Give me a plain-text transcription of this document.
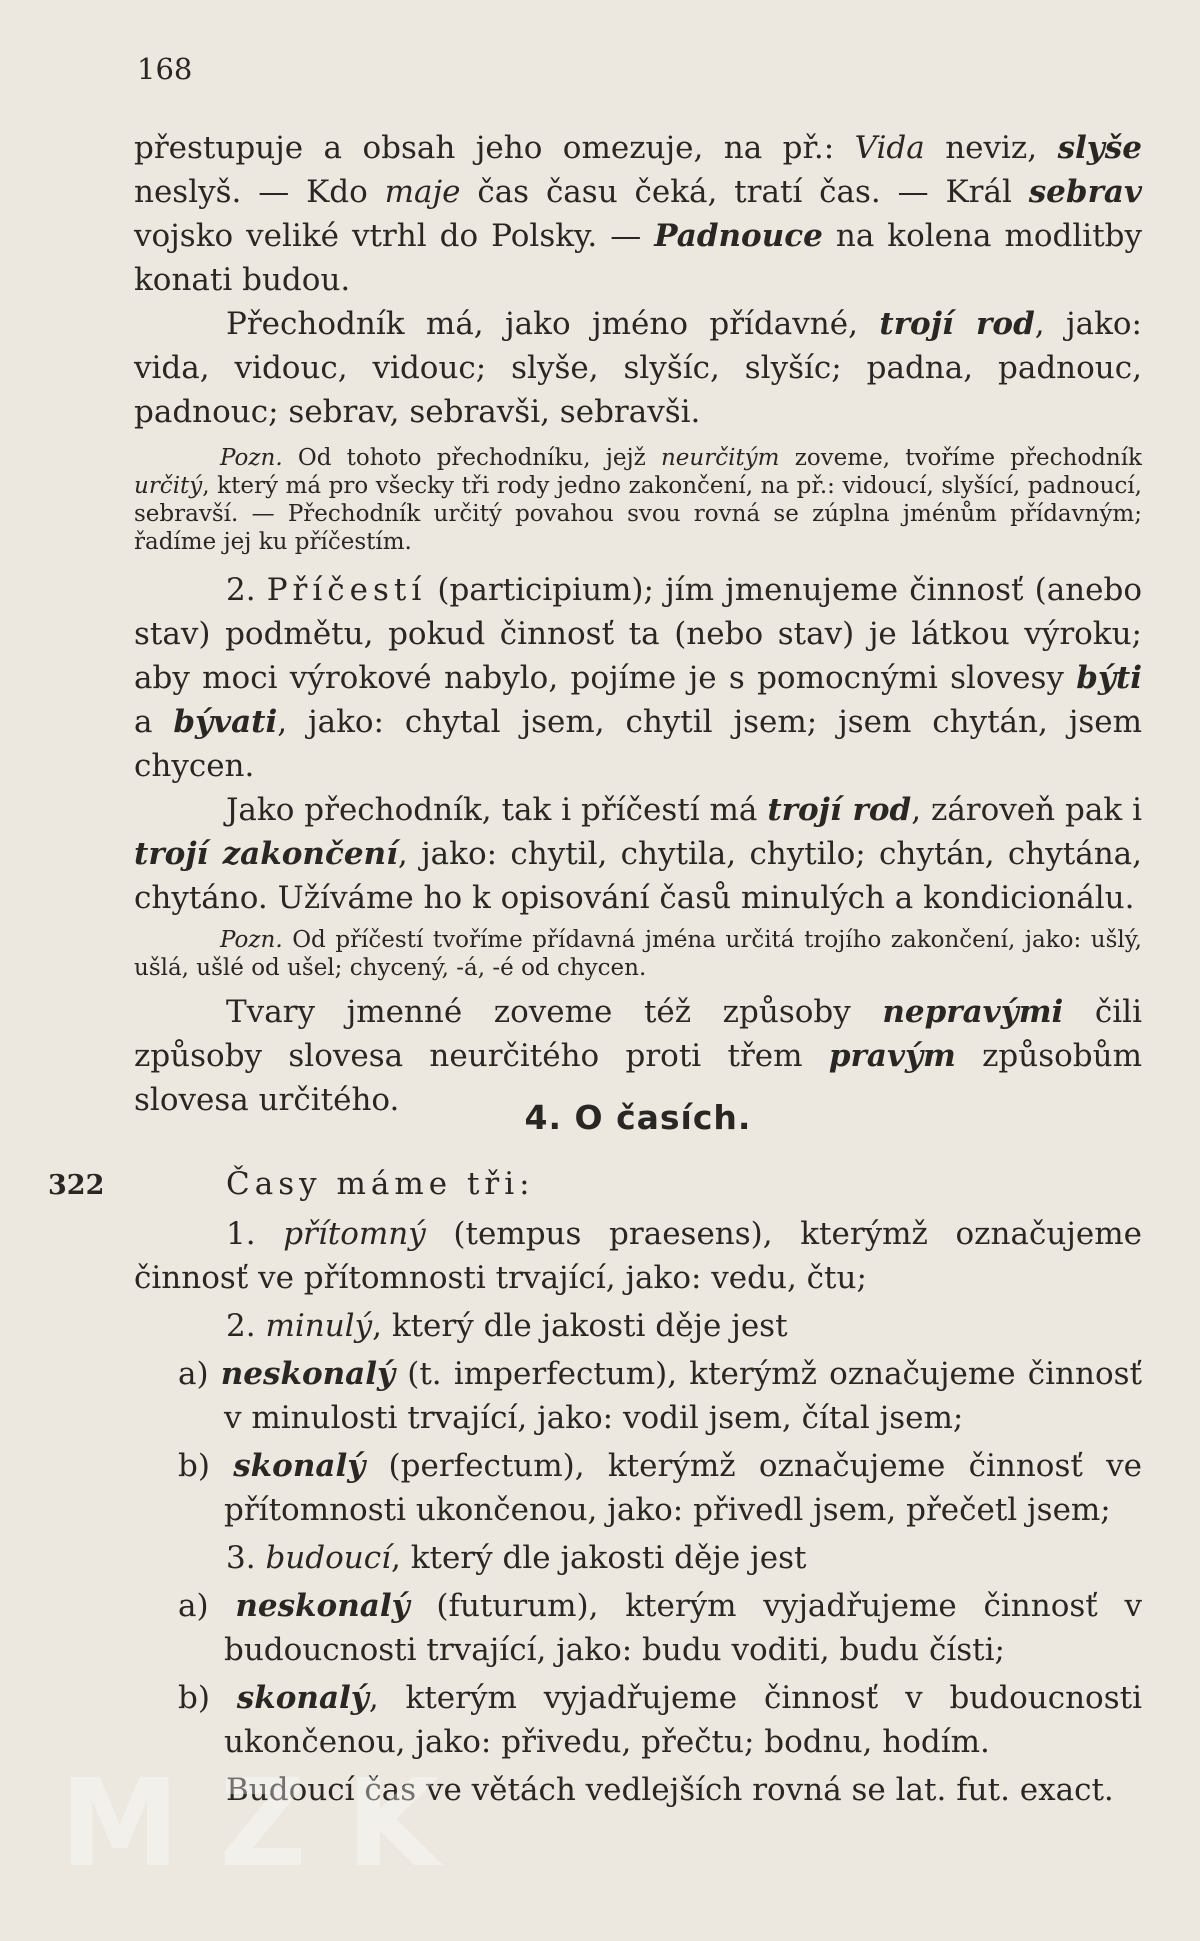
168
322

přestupuje a obsah jeho omezuje, na př.: Vida neviz, slyše neslyš. — Kdo maje čas času čeká, tratí čas. — Král sebrav vojsko veliké vtrhl do Polsky. — Padnouce na kolena modlitby konati budou.

Přechodník má, jako jméno přídavné, trojí rod, jako: vida, vidouc, vidouc; slyše, slyšíc, slyšíc; padna, padnouc, padnouc; sebrav, sebravši, sebravši.

Pozn. Od tohoto přechodníku, jejž neurčitým zoveme, tvoříme přechodník určitý, který má pro všecky tři rody jedno zakončení, na př.: vidoucí, slyšící, padnoucí, sebravší. — Přechodník určitý povahou svou rovná se zúplna jménům přídavným; řadíme jej ku příčestím.

2. Příčestí (participium); jím jmenujeme činnosť (anebo stav) podmětu, pokud činnosť ta (nebo stav) je látkou výroku; aby moci výrokové nabylo, pojíme je s pomocnými slovesy býti a bývati, jako: chytal jsem, chytil jsem; jsem chytán, jsem chycen.

Jako přechodník, tak i příčestí má trojí rod, zároveň pak i trojí zakončení, jako: chytil, chytila, chytilo; chytán, chytána, chytáno. Užíváme ho k opisování časů minulých a kondicionálu.

Pozn. Od příčestí tvoříme přídavná jména určitá trojího zakončení, jako: ušlý, ušlá, ušlé od ušel; chycený, -á, -é od chycen.

Tvary jmenné zoveme též způsoby nepravými čili způsoby slovesa neurčitého proti třem pravým způsobům slovesa určitého.	4. O časích.

Časy máme tři:

1. přítomný (tempus praesens), kterýmž označujeme činnosť ve přítomnosti trvající, jako: vedu, čtu;

2. minulý, který dle jakosti děje jest

a) neskonalý (t. imperfectum), kterýmž označujeme činnosť v minulosti trvající, jako: vodil jsem, čítal jsem;

b) skonalý (perfectum), kterýmž označujeme činnosť ve přítomnosti ukončenou, jako: přivedl jsem, přečetl jsem;

3. budoucí, který dle jakosti děje jest

a) neskonalý (futurum), kterým vyjadřujeme činnosť v budoucnosti trvající, jako: budu voditi, budu čísti;

b) skonalý, kterým vyjadřujeme činnosť v budoucnosti ukončenou, jako: přivedu, přečtu; bodnu, hodím.

Budoucí čas ve větách vedlejších rovná se lat. fut. exact.

MZK
